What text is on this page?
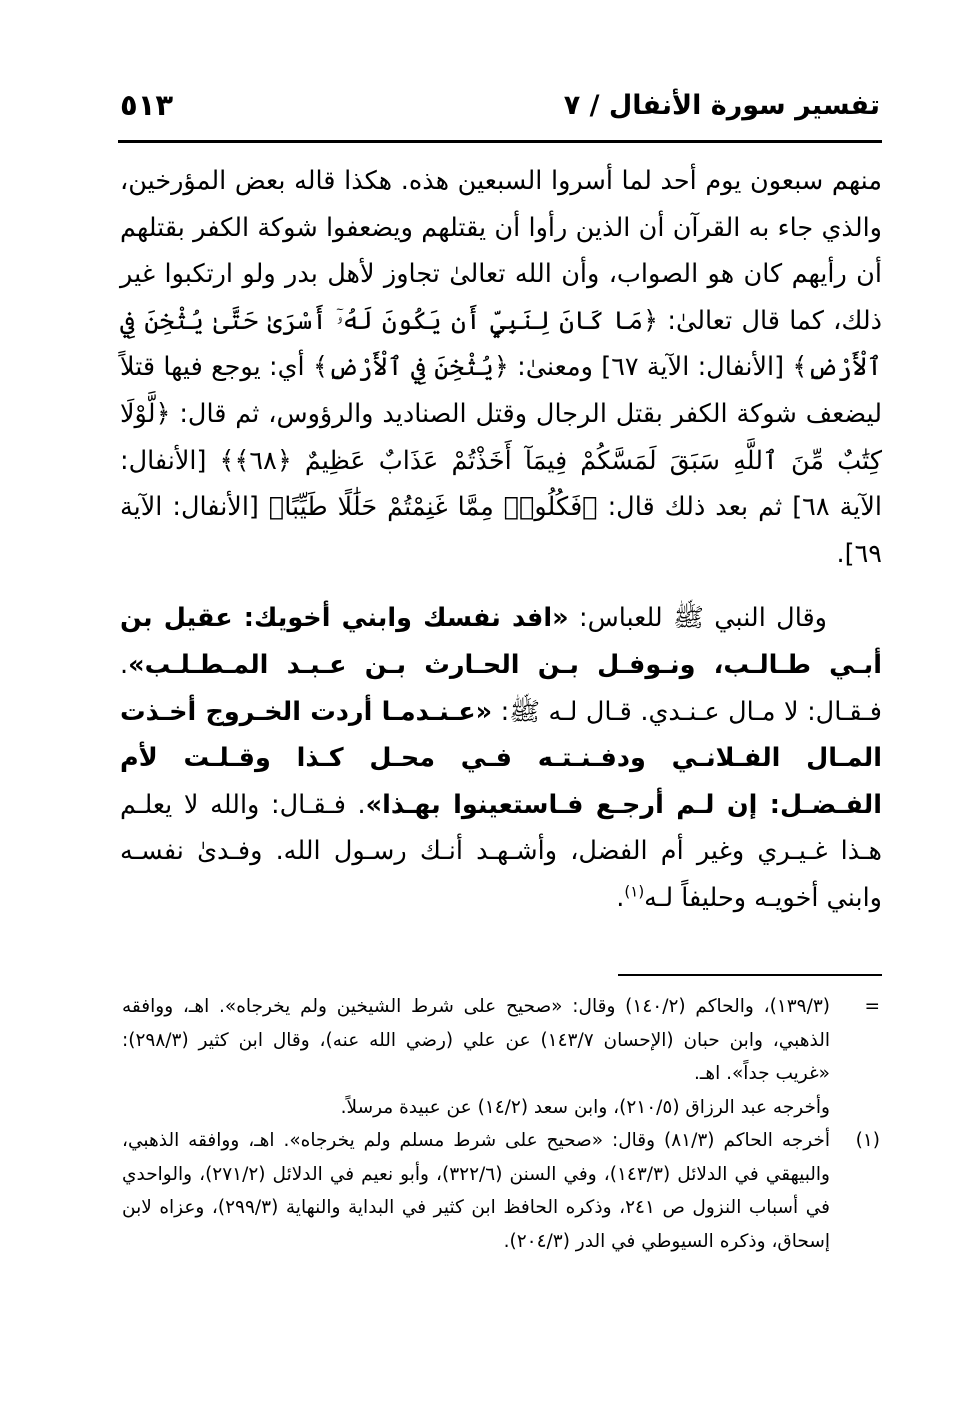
تفسير سورة الأنفال / ٧
٥١٣

منهم سبعون يوم أحد لما أسروا السبعين هذه. هكذا قاله بعض المؤرخين، والذي جاء به القرآن أن الذين رأوا أن يقتلهم ويضعفوا شوكة الكفر بقتلهم أن رأيهم كان هو الصواب، وأن الله تعالىٰ تجاوز لأهل بدر ولو ارتكبوا غير ذلك، كما قال تعالىٰ: ﴿مَا كَانَ لِنَبِيٍّ أَن يَكُونَ لَهُۥٓ أَسْرَىٰ حَتَّىٰ يُثْخِنَ فِي ٱلْأَرْضِ﴾ [الأنفال: الآية ٦٧] ومعنىٰ: ﴿يُثْخِنَ فِي ٱلْأَرْضِ﴾ أي: يوجع فيها قتلاً ليضعف شوكة الكفر بقتل الرجال وقتل الصناديد والرؤوس، ثم قال: ﴿لَّوْلَا كِتَٰبٌ مِّنَ ٱللَّهِ سَبَقَ لَمَسَّكُمْ فِيمَآ أَخَذْتُمْ عَذَابٌ عَظِيمٌ ﴿٦٨﴾﴾ [الأنفال: الآية ٦٨] ثم بعد ذلك قال: ﴿فَكُلُوا۟ مِمَّا غَنِمْتُمْ حَلَٰلًا طَيِّبًا﴾ [الأنفال: الآية ٦٩].

وقال النبي ﷺ للعباس: «افد نفسك وابني أخويك: عقيل بن أبـي طـالـب، ونـوفـل بـن الحـارث بـن عـبـد المـطـلـب». فـقـال: لا مـال عـنـدي. قـال لـه ﷺ: «عـنـدمـا أردت الخـروج أخـذت المـال الفـلانـي ودفـنـتـه فـي محـل كـذا وقـلـت لأم الفـضـل: إن لـم أرجـع فـاستعينوا بهـذا». فـقـال: والله لا يعلـم هـذا غـيـري وغير أم الفضل، وأشـهـد أنـك رسـول الله. وفـدىٰ نفسـه وابني أخويـه وحليفاً لـه$^{(١)}$.

=

(١٣٩/٣)، والحاكم (١٤٠/٢) وقال: «صحيح على شرط الشيخين ولم يخرجاه». اهـ، ووافقه الذهبي، وابن حبان (الإحسان ١٤٣/٧) عن علي (رضي الله عنه)، وقال ابن كثير (٢٩٨/٣): «غريب جداً». اهـ.

وأخرجه عبد الرزاق (٢١٠/٥)، وابن سعد (١٤/٢) عن عبيدة مرسلاً.

(١)

أخرجه الحاكم (٨١/٣) وقال: «صحيح على شرط مسلم ولم يخرجاه». اهـ، ووافقه الذهبي، والبيهقي في الدلائل (١٤٣/٣)، وفي السنن (٣٢٢/٦)، وأبو نعيم في الدلائل (٢٧١/٢)، والواحدي في أسباب النزول ص ٢٤١، وذكره الحافظ ابن كثير في البداية والنهاية (٢٩٩/٣)، وعزاه لابن إسحاق، وذكره السيوطي في الدر (٢٠٤/٣).
